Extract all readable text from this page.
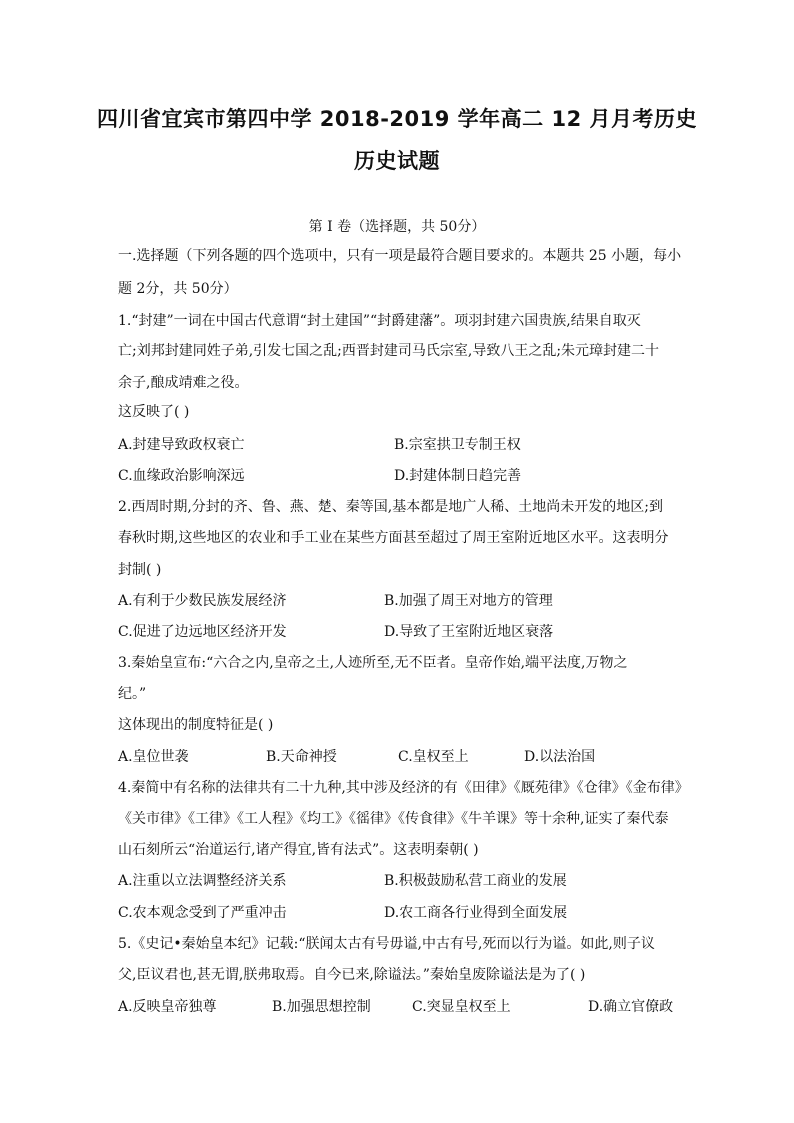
四川省宜宾市第四中学 2018-2019 学年高二 12 月月考历史
历史试题
第 I 卷（选择题，共 50分）
一.选择题（下列各题的四个选项中，只有一项是最符合题目要求的。本题共 25 小题，每小
题 2分，共 50分）
1.“封建”一词在中国古代意谓“封土建国”“封爵建藩”。项羽封建六国贵族,结果自取灭
亡;刘邦封建同姓子弟,引发七国之乱;西晋封建司马氏宗室,导致八王之乱;朱元璋封建二十
余子,酿成靖难之役。
这反映了( )
A.封建导致政权衰亡	B.宗室拱卫专制王权
C.血缘政治影响深远	D.封建体制日趋完善
2.西周时期,分封的齐、鲁、燕、楚、秦等国,基本都是地广人稀、土地尚未开发的地区;到
春秋时期,这些地区的农业和手工业在某些方面甚至超过了周王室附近地区水平。这表明分
封制( )
A.有利于少数民族发展经济	B.加强了周王对地方的管理
C.促进了边远地区经济开发	D.导致了王室附近地区衰落
3.秦始皇宣布:“六合之内,皇帝之土,人迹所至,无不臣者。皇帝作始,端平法度,万物之
纪。”
这体现出的制度特征是( )
A.皇位世袭	B.天命神授	C.皇权至上	D.以法治国
4.秦简中有名称的法律共有二十九种,其中涉及经济的有《田律》《厩苑律》《仓律》《金布律》
《关市律》《工律》《工人程》《均工》《徭律》《传食律》《牛羊课》等十余种,证实了秦代泰
山石刻所云“治道运行,诸产得宜,皆有法式”。这表明秦朝( )
A.注重以立法调整经济关系	B.积极鼓励私营工商业的发展
C.农本观念受到了严重冲击	D.农工商各行业得到全面发展
5.《史记•秦始皇本纪》记载:“朕闻太古有号毋谥,中古有号,死而以行为谥。如此,则子议
父,臣议君也,甚无谓,朕弗取焉。自今已来,除谥法。”秦始皇废除谥法是为了( )
A.反映皇帝独尊	B.加强思想控制	C.突显皇权至上	D.确立官僚政
